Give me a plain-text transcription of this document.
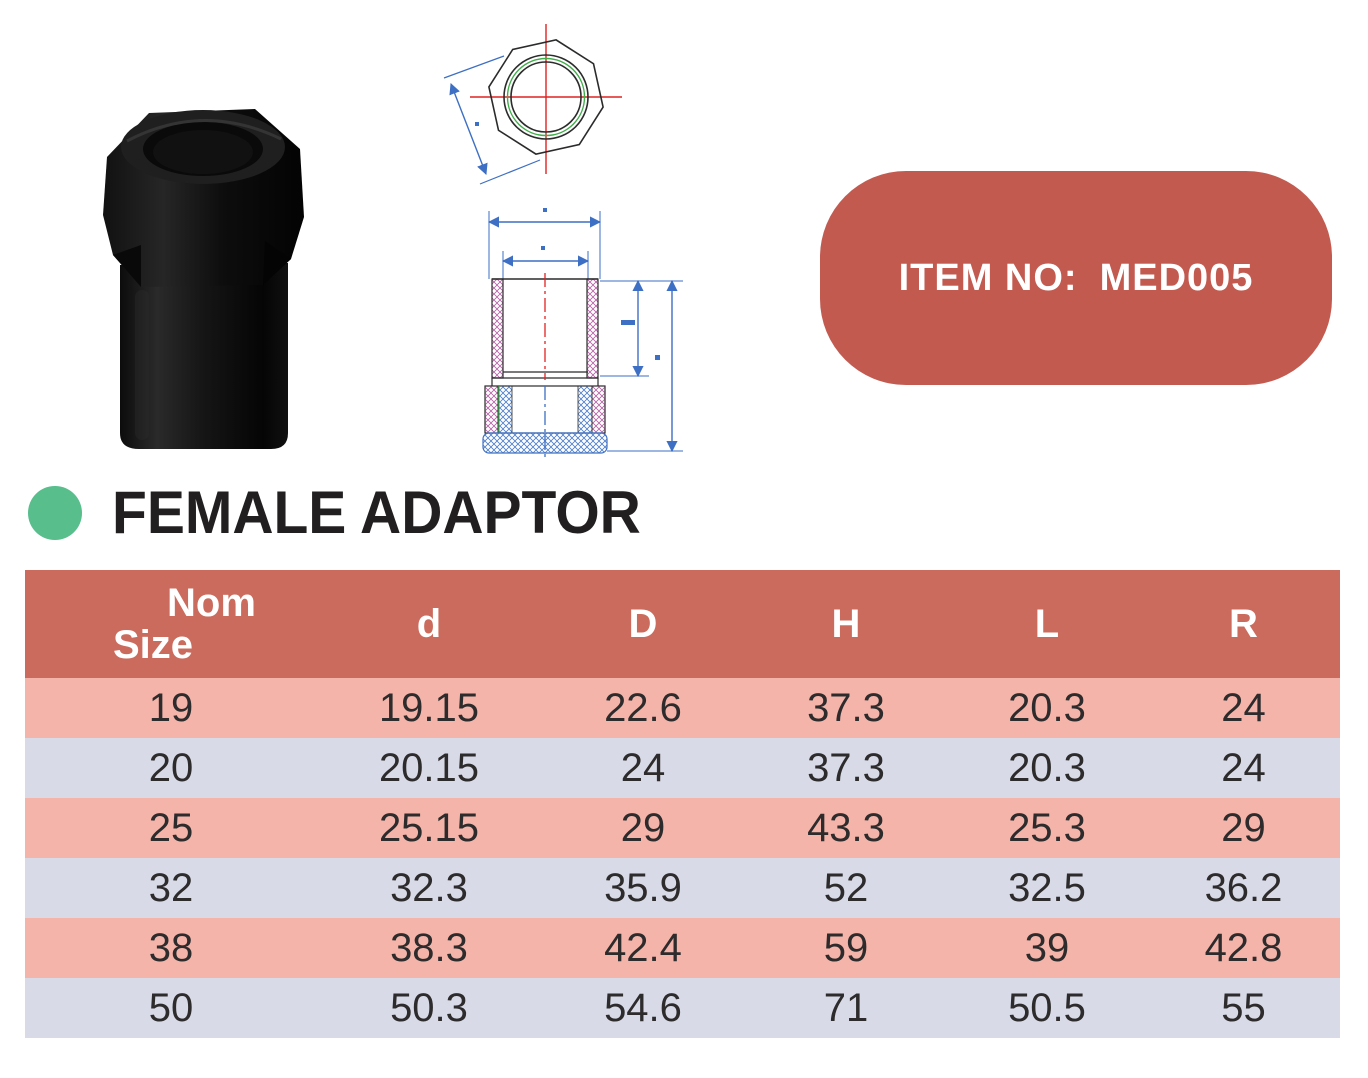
ITEM NO: MED005
FEMALE ADAPTOR
Nom
Size	d	D	H	L	R
19	19.15	22.6	37.3	20.3	24
20	20.15	24	37.3	20.3	24
25	25.15	29	43.3	25.3	29
32	32.3	35.9	52	32.5	36.2
38	38.3	42.4	59	39	42.8
50	50.3	54.6	71	50.5	55
